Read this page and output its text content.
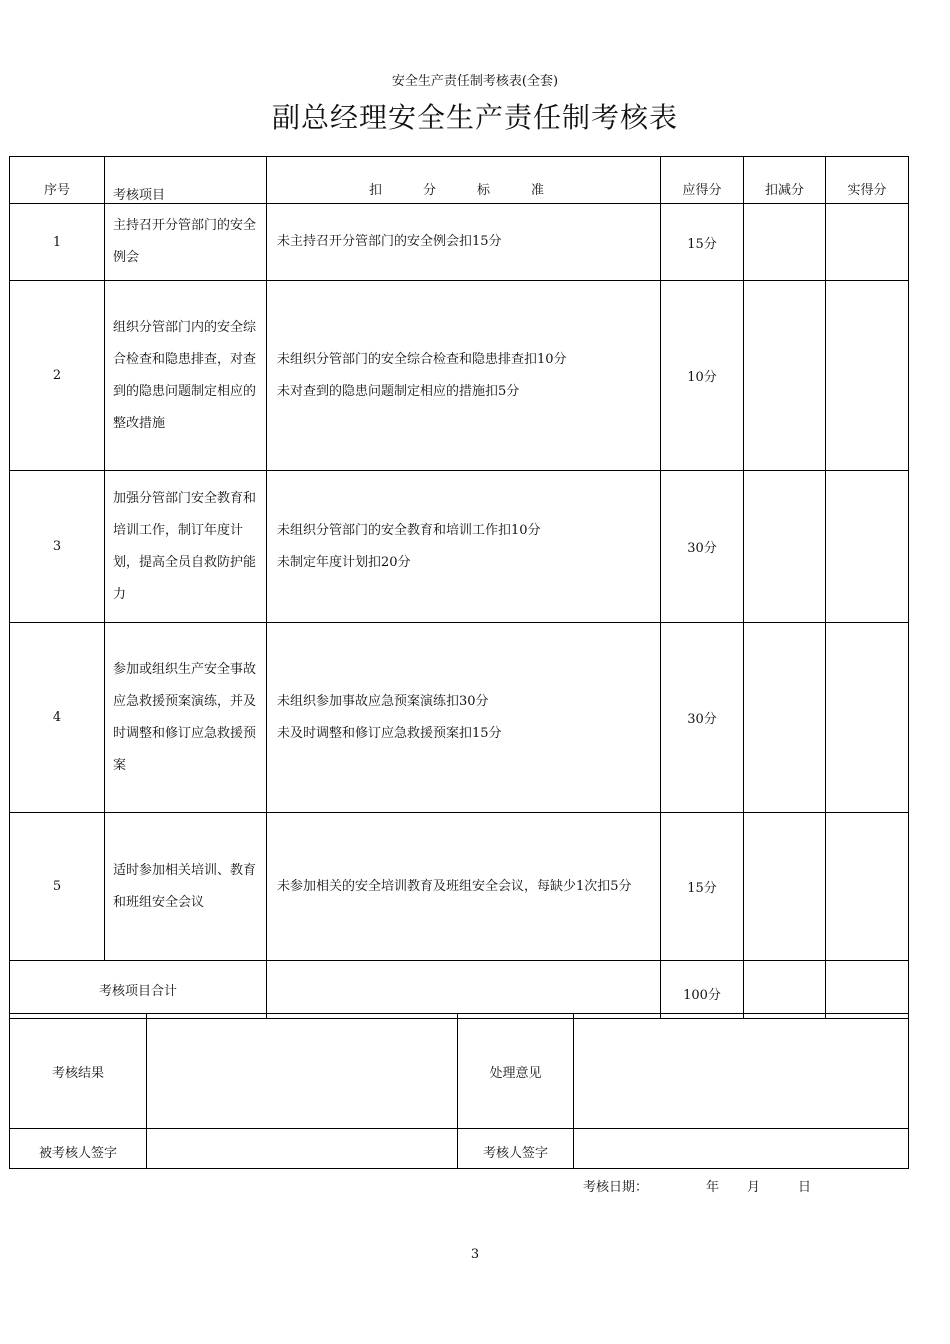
安全生产责任制考核表(全套)
副总经理安全生产责任制考核表
序号	考核项目	扣　分　标　准	应得分	扣减分	实得分
1	主持召开分管部门的安全例会	未主持召开分管部门的安全例会扣15分	15分		
2	组织分管部门内的安全综合检查和隐患排查，对查到的隐患问题制定相应的整改措施	未组织分管部门的安全综合检查和隐患排查扣10分
未对查到的隐患问题制定相应的措施扣5分	10分		
3	加强分管部门安全教育和培训工作，制订年度计划，提高全员自救防护能力	未组织分管部门的安全教育和培训工作扣10分
未制定年度计划扣20分	30分		
4	参加或组织生产安全事故应急救援预案演练，并及时调整和修订应急救援预案	未组织参加事故应急预案演练扣30分
未及时调整和修订应急救援预案扣15分	30分		
5	适时参加相关培训、教育和班组安全会议	未参加相关的安全培训教育及班组安全会议，每缺少1次扣5分	15分		
考核项目合计			100分		
考核结果		处理意见	
被考核人签字		考核人签字	
考核日期：	年 月	日
3
